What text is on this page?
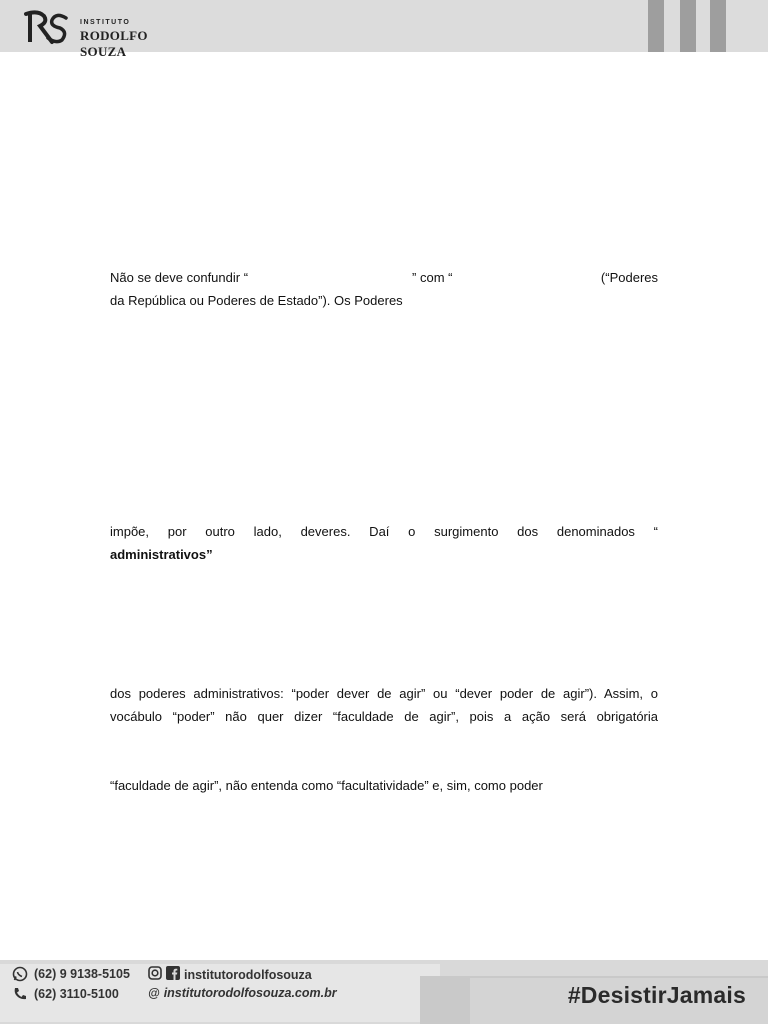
INSTITUTO
RODOLFO SOUZA

Não se deve confundir “	” com “	(“Poderes

da República ou Poderes de Estado”). Os Poderes

impõe, por outro lado, deveres. Daí o surgimento dos denominados “

administrativos”

dos poderes administrativos: “poder dever de agir” ou “dever poder de agir”). Assim, o

vocábulo “poder” não quer dizer “faculdade de agir”, pois a ação será obrigatória

“faculdade de agir”, não entenda como “facultatividade” e, sim, como poder

(62) 9 9138-5105
(62) 3110-5100
institutorodolfosouza
@ institutorodolfosouza.com.br	#DesistirJamais
